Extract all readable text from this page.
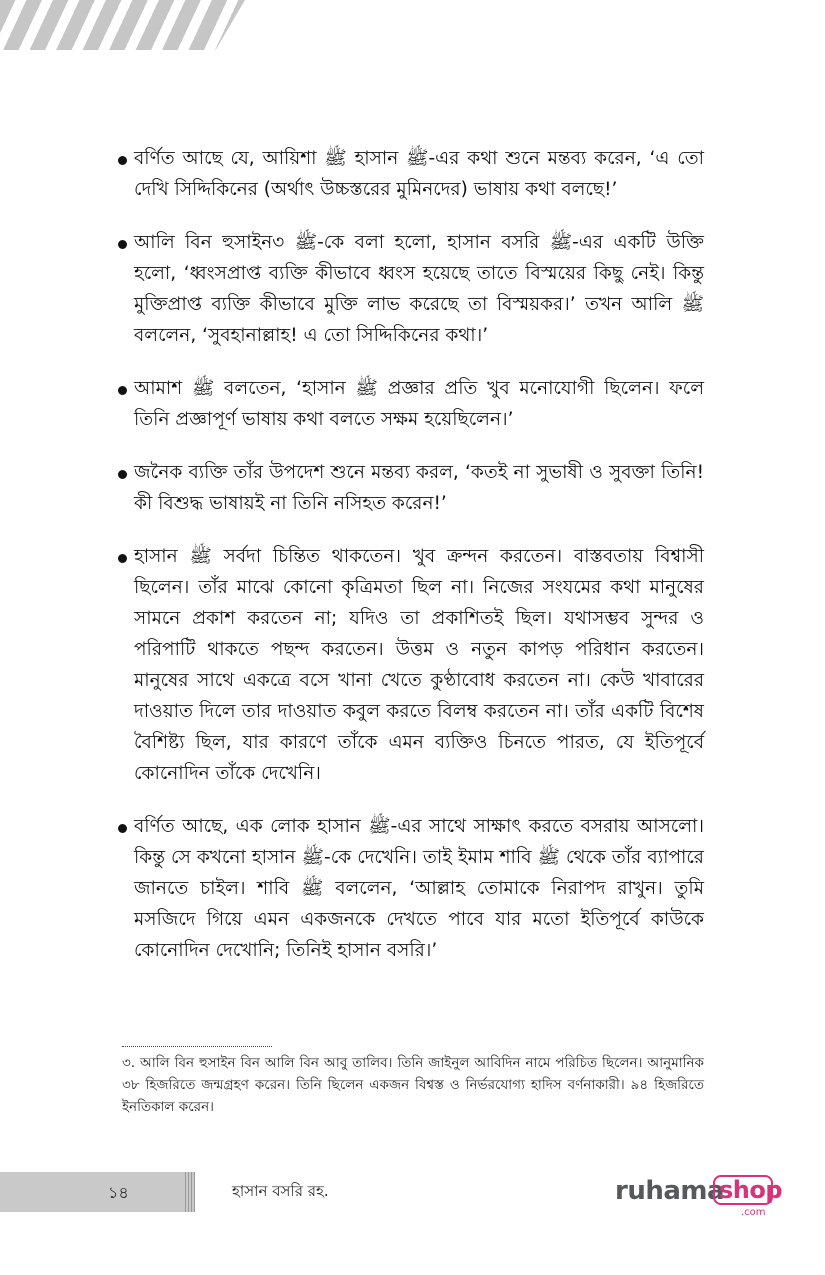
বর্ণিত আছে যে, আয়িশা ﷺ হাসান ﷺ-এর কথা শুনে মন্তব্য করেন, ‘এ তো দেখি সিদ্দিকিনের (অর্থাৎ উচ্চস্তরের মুমিনদের) ভাষায় কথা বলছে!’
আলি বিন হুসাইন৩ ﷺ-কে বলা হলো, হাসান বসরি ﷺ-এর একটি উক্তি হলো, ‘ধ্বংসপ্রাপ্ত ব্যক্তি কীভাবে ধ্বংস হয়েছে তাতে বিস্ময়ের কিছু নেই। কিন্তু মুক্তিপ্রাপ্ত ব্যক্তি কীভাবে মুক্তি লাভ করেছে তা বিস্ময়কর।’ তখন আলি ﷺ বললেন, ‘সুবহানাল্লাহ! এ তো সিদ্দিকিনের কথা।’
আমাশ ﷺ বলতেন, ‘হাসান ﷺ প্রজ্ঞার প্রতি খুব মনোযোগী ছিলেন। ফলে তিনি প্রজ্ঞাপূর্ণ ভাষায় কথা বলতে সক্ষম হয়েছিলেন।’
জনৈক ব্যক্তি তাঁর উপদেশ শুনে মন্তব্য করল, ‘কতই না সুভাষী ও সুবক্তা তিনি! কী বিশুদ্ধ ভাষায়ই না তিনি নসিহত করেন!’
হাসান ﷺ সর্বদা চিন্তিত থাকতেন। খুব ক্রন্দন করতেন। বাস্তবতায় বিশ্বাসী ছিলেন। তাঁর মাঝে কোনো কৃত্রিমতা ছিল না। নিজের সংযমের কথা মানুষের সামনে প্রকাশ করতেন না; যদিও তা প্রকাশিতই ছিল। যথাসম্ভব সুন্দর ও পরিপাটি থাকতে পছন্দ করতেন। উত্তম ও নতুন কাপড় পরিধান করতেন। মানুষের সাথে একত্রে বসে খানা খেতে কুণ্ঠাবোধ করতেন না। কেউ খাবারের দাওয়াত দিলে তার দাওয়াত কবুল করতে বিলম্ব করতেন না। তাঁর একটি বিশেষ বৈশিষ্ট্য ছিল, যার কারণে তাঁকে এমন ব্যক্তিও চিনতে পারত, যে ইতিপূর্বে কোনোদিন তাঁকে দেখেনি।
বর্ণিত আছে, এক লোক হাসান ﷺ-এর সাথে সাক্ষাৎ করতে বসরায় আসলো। কিন্তু সে কখনো হাসান ﷺ-কে দেখেনি। তাই ইমাম শাবি ﷺ থেকে তাঁর ব্যাপারে জানতে চাইল। শাবি ﷺ বললেন, ‘আল্লাহ তোমাকে নিরাপদ রাখুন। তুমি মসজিদে গিয়ে এমন একজনকে দেখতে পাবে যার মতো ইতিপূর্বে কাউকে কোনোদিন দেখোনি; তিনিই হাসান বসরি।’
৩. আলি বিন হুসাইন বিন আলি বিন আবু তালিব। তিনি জাইনুল আবিদিন নামে পরিচিত ছিলেন। আনুমানিক ৩৮ হিজরিতে জন্মগ্রহণ করেন। তিনি ছিলেন একজন বিশ্বস্ত ও নির্ভরযোগ্য হাদিস বর্ণনাকারী। ৯৪ হিজরিতে ইনতিকাল করেন।
১৪	হাসান বসরি রহ.	ruhama
shop
.com
